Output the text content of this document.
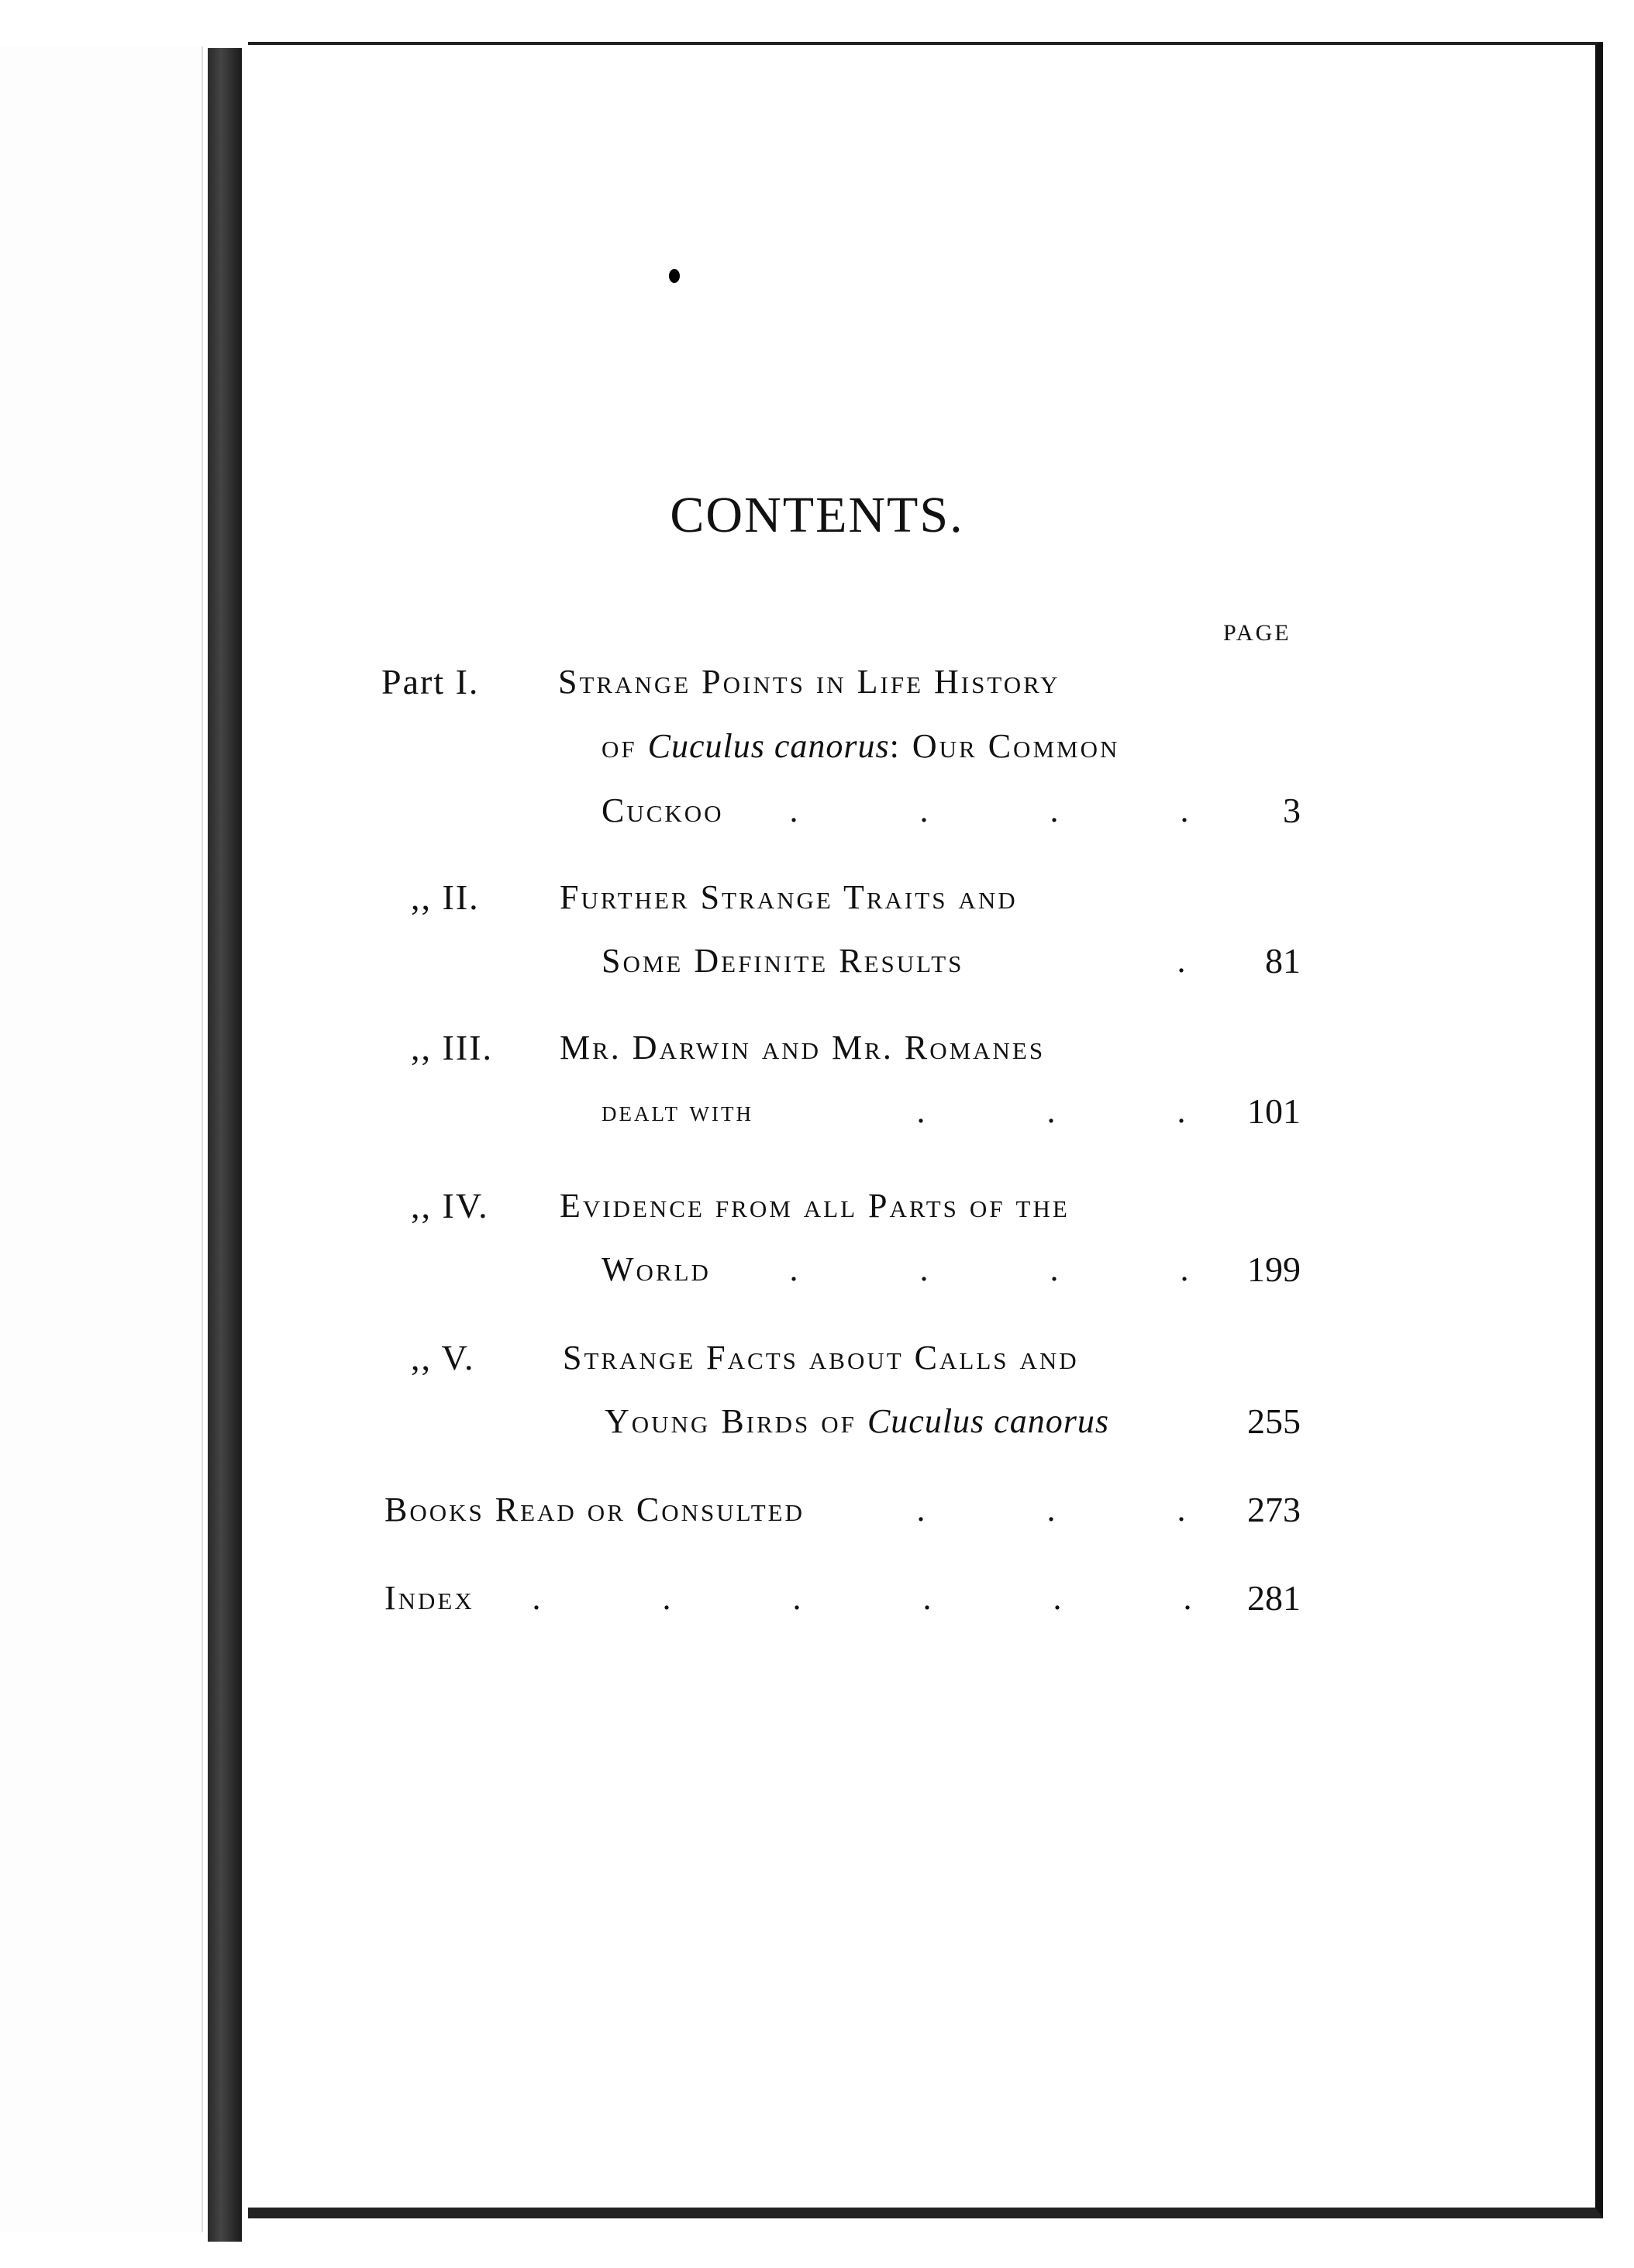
CONTENTS.
PAGE
Part I. Strange Points in Life History
of Cuculus canorus: Our Common
Cuckoo	.	.	.	.	3
,, II. Further Strange Traits and
Some Definite Results	.	81
,, III. Mr. Darwin and Mr. Romanes
dealt with	.	.	.	101
,, IV. Evidence from all Parts of the
World	.	.	.	.	199
,, V.	Strange Facts about Calls and
Young Birds of Cuculus canorus	255
Books Read or Consulted	.	.	.	273
Index	.	.	.	.	.	.	281
